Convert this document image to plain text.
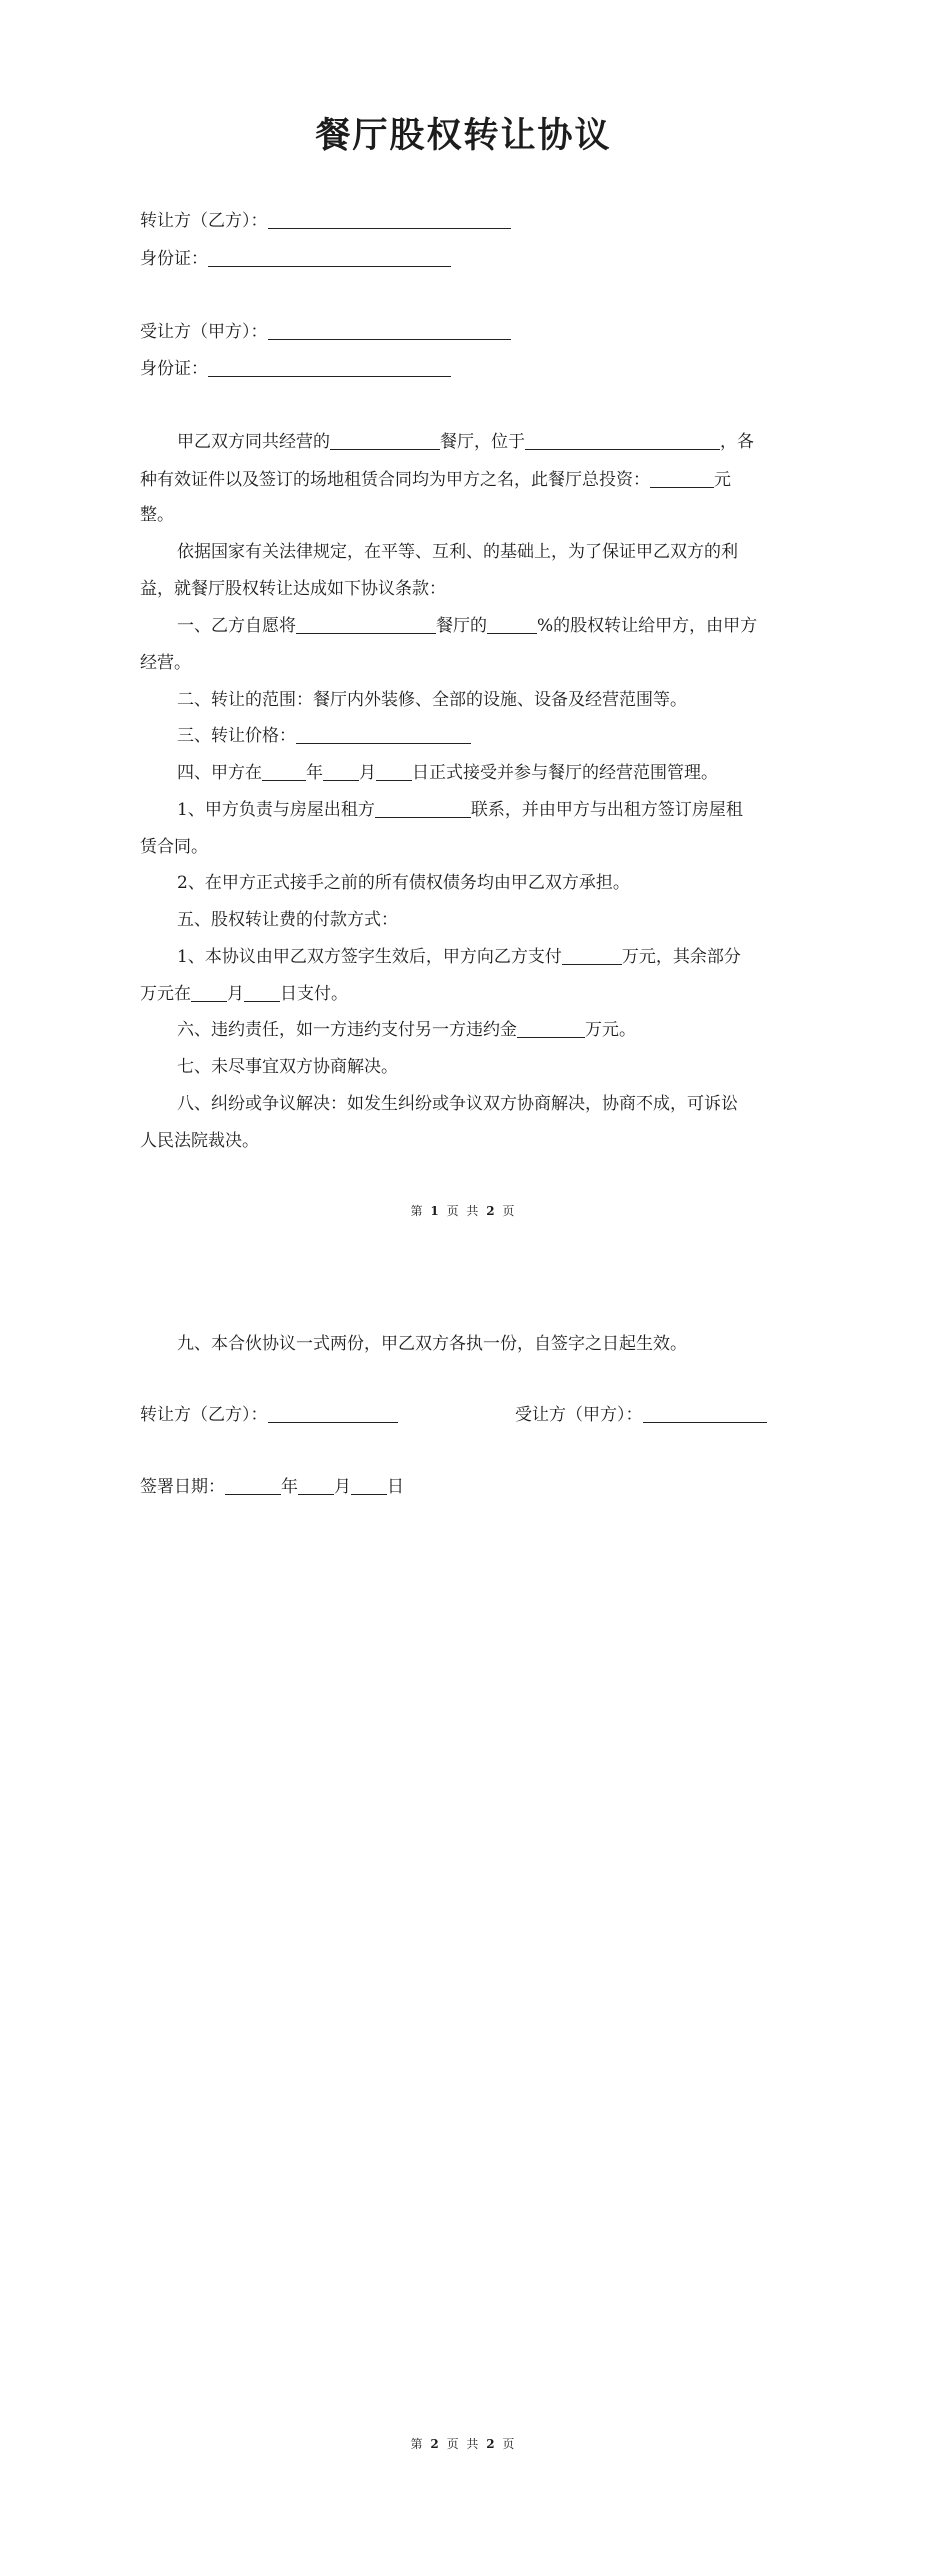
餐厅股权转让协议
转让方（乙方）：
身份证：
受让方（甲方）：
身份证：
甲乙双方同共经营的	餐厅，位于	，各
种有效证件以及签订的场地租赁合同均为甲方之名，此餐厅总投资：	元
整。
依据国家有关法律规定，在平等、互利、的基础上，为了保证甲乙双方的利
益，就餐厅股权转让达成如下协议条款：
一、乙方自愿将	餐厅的	%的股权转让给甲方，由甲方
经营。
二、转让的范围：餐厅内外装修、全部的设施、设备及经营范围等。
三、转让价格：
四、甲方在	年 月 日正式接受并参与餐厅的经营范围管理。
1、甲方负责与房屋出租方	联系，并由甲方与出租方签订房屋租
赁合同。
2、在甲方正式接手之前的所有债权债务均由甲乙双方承担。
五、股权转让费的付款方式：
1、本协议由甲乙双方签字生效后，甲方向乙方支付	万元，其余部分
万元在 月 日支付。
六、违约责任，如一方违约支付另一方违约金	万元。
七、未尽事宜双方协商解决。
八、纠纷或争议解决：如发生纠纷或争议双方协商解决，协商不成，可诉讼
人民法院裁决。
第 1 页 共 2 页
九、本合伙协议一式两份，甲乙双方各执一份，自签字之日起生效。
转让方（乙方）：	受让方（甲方）：
签署日期：	年 月 日
第 2 页 共 2 页
